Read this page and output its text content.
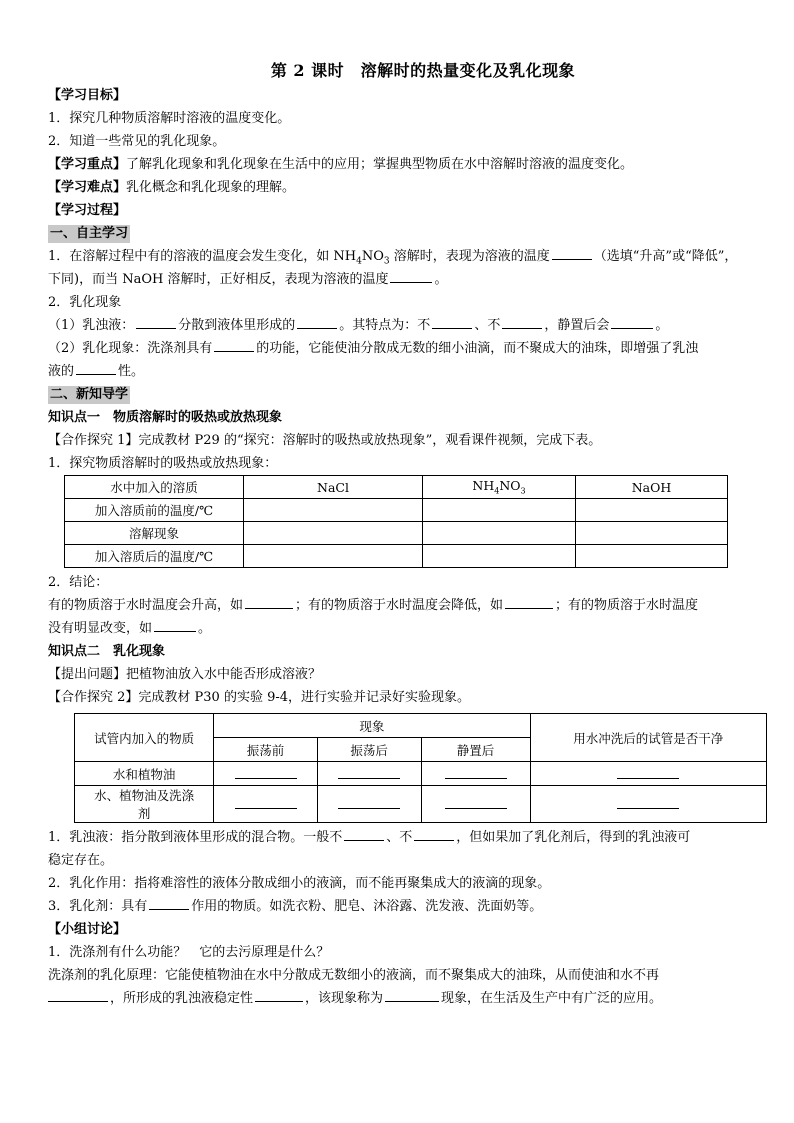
第 2 课时　溶解时的热量变化及乳化现象
【学习目标】
1．探究几种物质溶解时溶液的温度变化。
2．知道一些常见的乳化现象。
【学习重点】了解乳化现象和乳化现象在生活中的应用；掌握典型物质在水中溶解时溶液的温度变化。
【学习难点】乳化概念和乳化现象的理解。
【学习过程】
一、自主学习
1．在溶解过程中有的溶液的温度会发生变化，如 $NH_4NO_3$ 溶解时，表现为溶液的温度	（选填“升高”或“降低”，
下同)，而当 NaOH 溶解时，正好相反，表现为溶液的温度	。
2．乳化现象
（1）乳浊液：	分散到液体里形成的	。其特点为：不	、不	，静置后会	。
（2）乳化现象：洗涤剂具有	的功能，它能使油分散成无数的细小油滴，而不聚成大的油珠，即增强了乳浊
液的	性。
二、新知导学
知识点一　物质溶解时的吸热或放热现象
【合作探究 1】完成教材 P29 的“探究：溶解时的吸热或放热现象”，观看课件视频，完成下表。
1．探究物质溶解时的吸热或放热现象：
水中加入的溶质	NaCl	$NH_4NO_3$	NaOH
加入溶质前的温度/℃			
溶解现象			
加入溶质后的温度/℃			
2．结论：
有的物质溶于水时温度会升高，如	；有的物质溶于水时温度会降低，如	；有的物质溶于水时温度
没有明显改变，如	。
知识点二　乳化现象
【提出问题】把植物油放入水中能否形成溶液？
【合作探究 2】完成教材 P30 的实验 9-4，进行实验并记录好实验现象。
试管内加入的物质	现象			用水冲洗后的试管是否干净
	振荡前	振荡后	静置后	
水和植物油				

水、植物油及洗涤
剂				

1．乳浊液：指分散到液体里形成的混合物。一般不	、不	，但如果加了乳化剂后，得到的乳浊液可
稳定存在。
2．乳化作用：指将难溶性的液体分散成细小的液滴，而不能再聚集成大的液滴的现象。
3．乳化剂：具有	作用的物质。如洗衣粉、肥皂、沐浴露、洗发液、洗面奶等。
【小组讨论】
1．洗涤剂有什么功能？　它的去污原理是什么？
洗涤剂的乳化原理：它能使植物油在水中分散成无数细小的液滴，而不聚集成大的油珠，从而使油和水不再
，所形成的乳浊液稳定性	，该现象称为	现象，在生活及生产中有广泛的应用。
